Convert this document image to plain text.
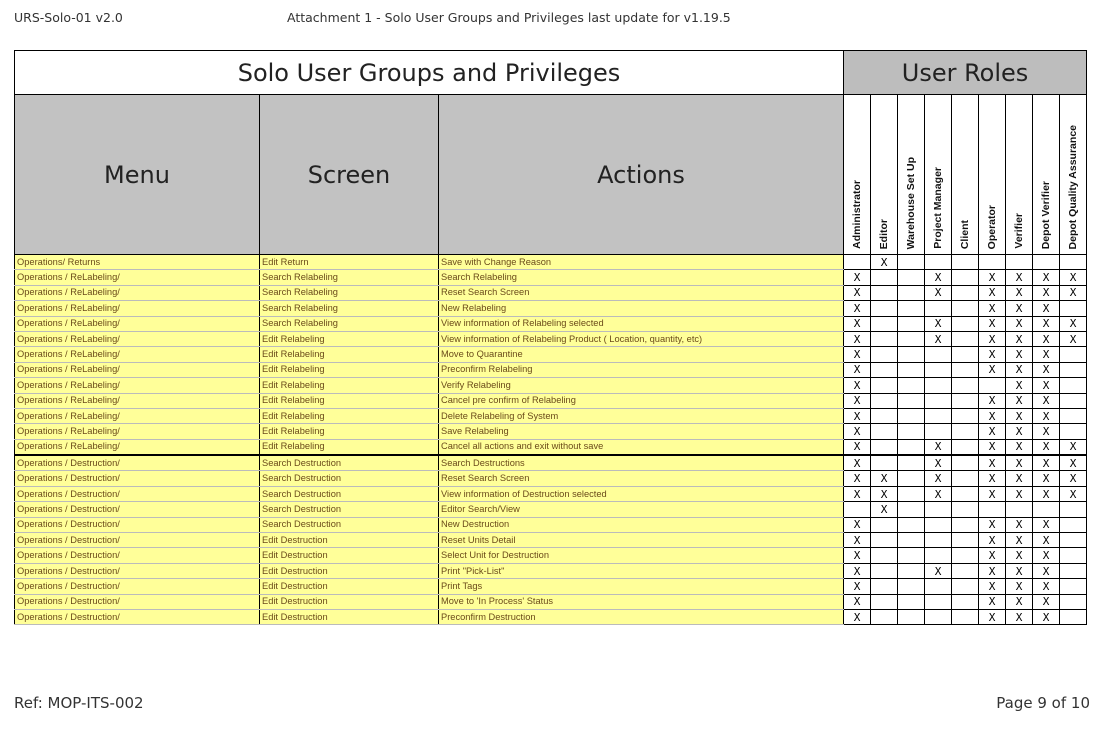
URS-Solo-01 v2.0	Attachment 1 - Solo User Groups and Privileges last update for v1.19.5
Solo User Groups and Privileges			User Roles								
Menu	Screen	Actions	Administrator	Editor	Warehouse Set Up	Project Manager	Client	Operator	Verifier	Depot Verifier	Depot Quality Assurance

Operations/ Returns	Edit Return	Save with Change Reason		X							
Operations / ReLabeling/	Search Relabeling	Search Relabeling	X			X		X	X	X	X
Operations / ReLabeling/	Search Relabeling	Reset Search Screen	X			X		X	X	X	X
Operations / ReLabeling/	Search Relabeling	New Relabeling	X					X	X	X	
Operations / ReLabeling/	Search Relabeling	View information of Relabeling selected	X			X		X	X	X	X
Operations / ReLabeling/	Edit Relabeling	View information of Relabeling Product ( Location, quantity, etc)	X			X		X	X	X	X
Operations / ReLabeling/	Edit Relabeling	Move to Quarantine	X					X	X	X	
Operations / ReLabeling/	Edit Relabeling	Preconfirm Relabeling	X					X	X	X	
Operations / ReLabeling/	Edit Relabeling	Verify Relabeling	X						X	X	
Operations / ReLabeling/	Edit Relabeling	Cancel pre confirm of Relabeling	X					X	X	X	
Operations / ReLabeling/	Edit Relabeling	Delete Relabeling of System	X					X	X	X	
Operations / ReLabeling/	Edit Relabeling	Save Relabeling	X					X	X	X	
Operations / ReLabeling/	Edit Relabeling	Cancel all actions and exit without save	X			X		X	X	X	X
Operations / Destruction/	Search Destruction	Search Destructions	X			X		X	X	X	X
Operations / Destruction/	Search Destruction	Reset Search Screen	X	X		X		X	X	X	X
Operations / Destruction/	Search Destruction	View information of Destruction selected	X	X		X		X	X	X	X
Operations / Destruction/	Search Destruction	Editor Search/View		X							
Operations / Destruction/	Search Destruction	New Destruction	X					X	X	X	
Operations / Destruction/	Edit Destruction	Reset Units Detail	X					X	X	X	
Operations / Destruction/	Edit Destruction	Select Unit for Destruction	X					X	X	X	
Operations / Destruction/	Edit Destruction	Print "Pick-List"	X			X		X	X	X	
Operations / Destruction/	Edit Destruction	Print Tags	X					X	X	X	
Operations / Destruction/	Edit Destruction	Move to 'In Process' Status	X					X	X	X	
Operations / Destruction/	Edit Destruction	Preconfirm Destruction	X					X	X	X	
Ref: MOP-ITS-002	Page 9 of 10
